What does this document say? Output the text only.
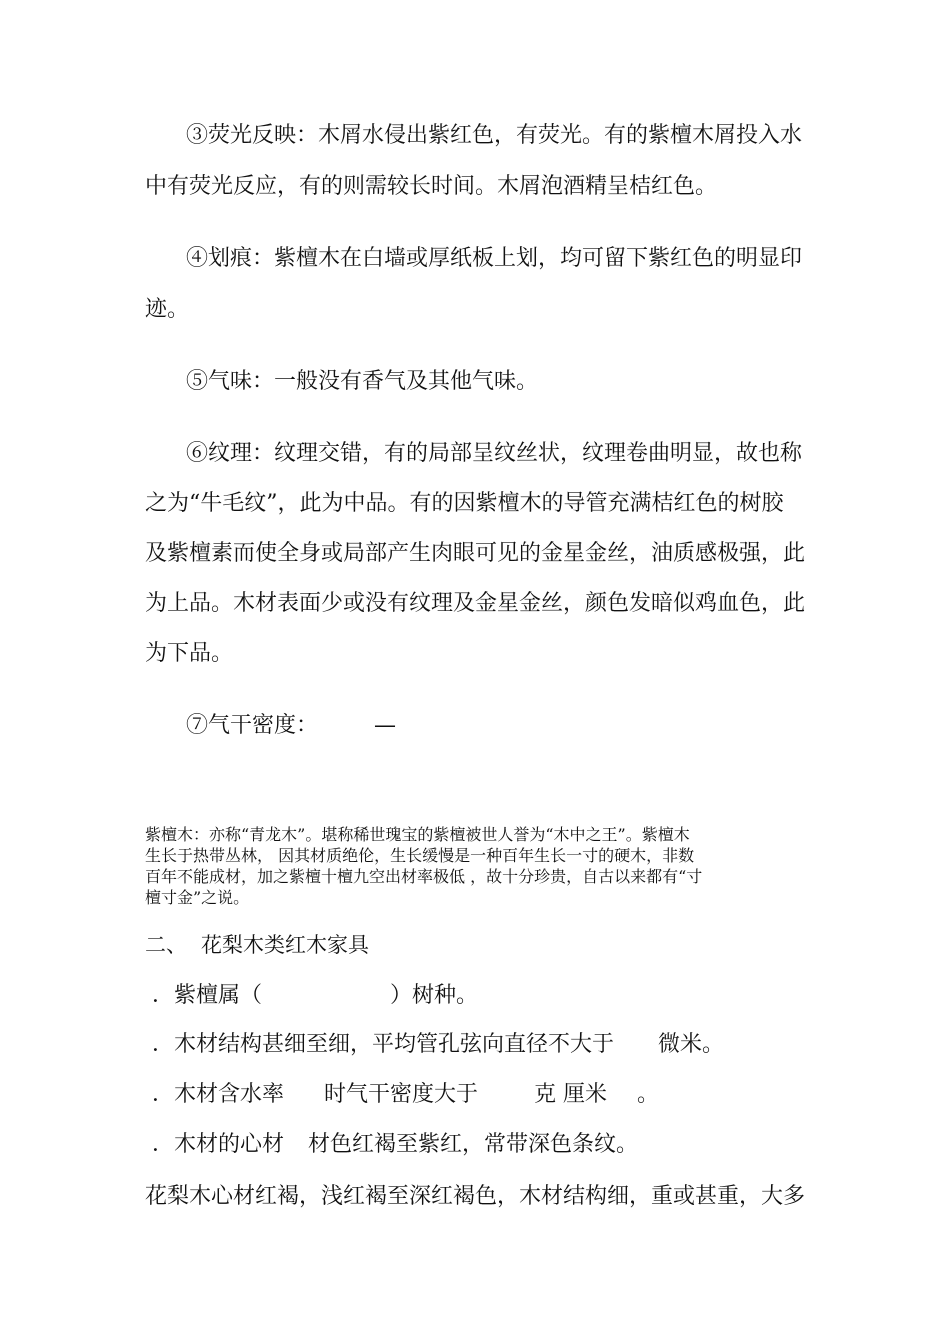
③荧光反映：木屑水侵出紫红色，有荧光。有的紫檀木屑投入水
中有荧光反应，有的则需较长时间。木屑泡酒精呈桔红色。
④划痕：紫檀木在白墙或厚纸板上划，均可留下紫红色的明显印
迹。
⑤气味：一般没有香气及其他气味。
⑥纹理：纹理交错，有的局部呈纹丝状，纹理卷曲明显，故也称
之为“牛毛纹”，此为中品。有的因紫檀木的导管充满桔红色的树胶
及紫檀素而使全身或局部产生肉眼可见的金星金丝，油质感极强，此
为上品。木材表面少或没有纹理及金星金丝，颜色发暗似鸡血色，此
为下品。
⑦气干密度：	—
紫檀木：亦称“青龙木”。堪称稀世瑰宝的紫檀被世人誉为“木中之王”。紫檀木
生长于热带丛林， 因其材质绝伦，生长缓慢是一种百年生长一寸的硬木，非数
百年不能成材，加之紫檀十檀九空出材率极低 ，故十分珍贵，自古以来都有“寸
檀寸金”之说。
二、 花梨木类红木家具
．紫檀属（	）树种。
．木材结构甚细至细，平均管孔弦向直径不大于 微米。
．木材含水率 时气干密度大于	克 厘米 。
．木材的心材 材色红褐至紫红，常带深色条纹。
花梨木心材红褐，浅红褐至深红褐色，木材结构细，重或甚重，大多
